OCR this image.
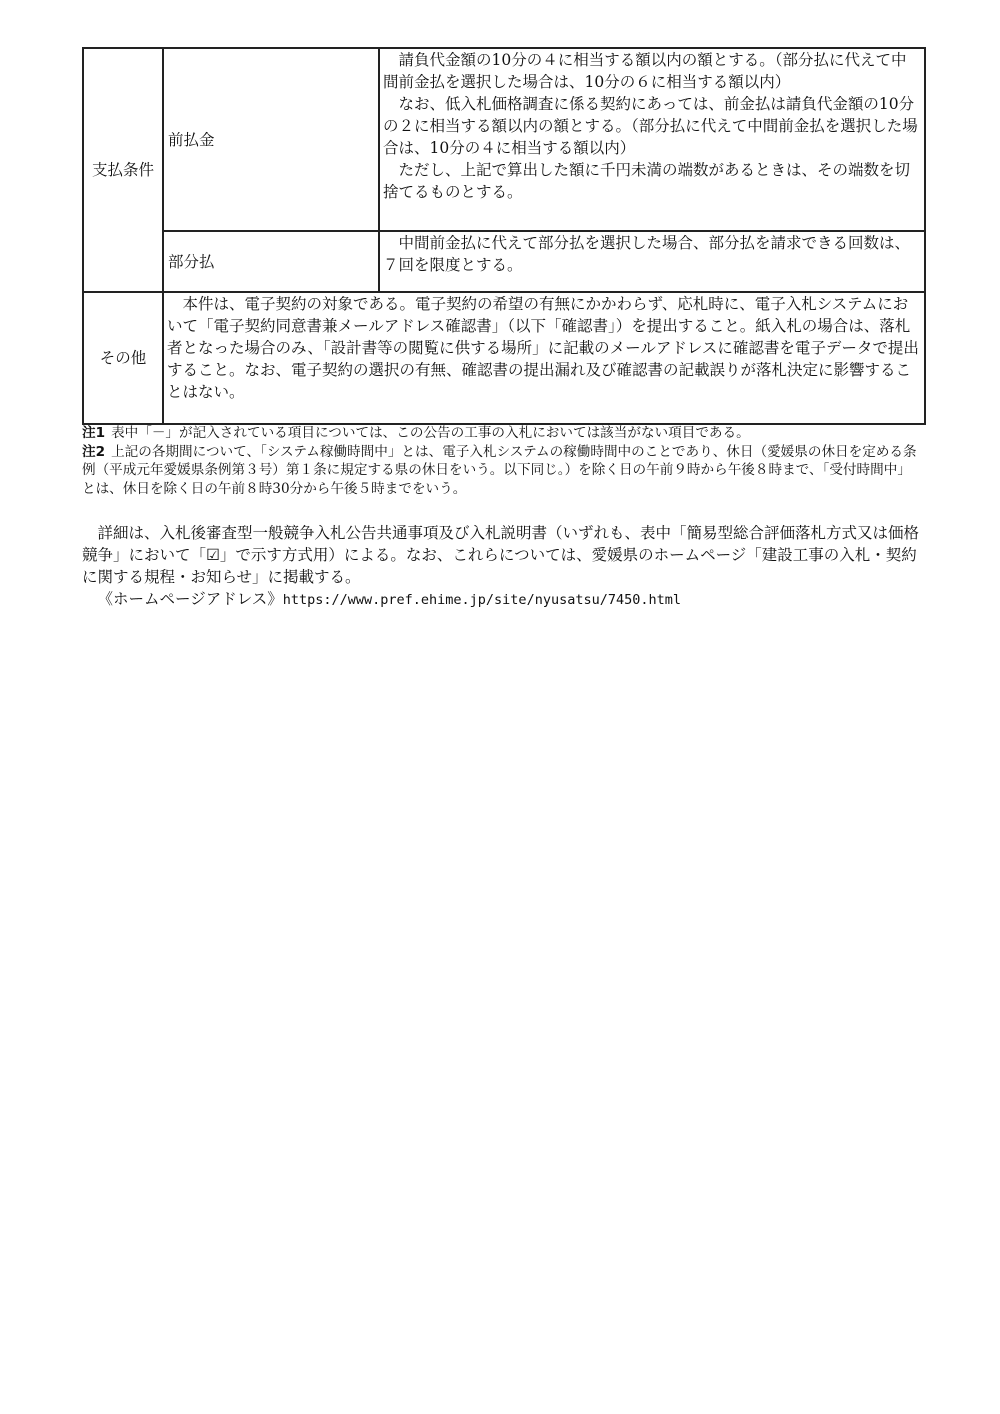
支払条件	前払金	請負代金額の10分の４に相当する額以内の額とする。（部分払に代えて中間前金払を選択した場合は、10分の６に相当する額以内）

なお、低入札価格調査に係る契約にあっては、前金払は請負代金額の10分の２に相当する額以内の額とする。（部分払に代えて中間前金払を選択した場合は、10分の４に相当する額以内）

ただし、上記で算出した額に千円未満の端数があるときは、その端数を切捨てるものとする。

	部分払	中間前金払に代えて部分払を選択した場合、部分払を請求できる回数は、７回を限度とする。

その他	本件は、電子契約の対象である。電子契約の希望の有無にかかわらず、応札時に、電子入札システムにおいて「電子契約同意書兼メールアドレス確認書」（以下「確認書」）を提出すること。紙入札の場合は、落札者となった場合のみ、「設計書等の閲覧に供する場所」に記載のメールアドレスに確認書を電子データで提出すること。なお、電子契約の選択の有無、確認書の提出漏れ及び確認書の記載誤りが落札決定に影響することはない。	

注1 表中「－」が記入されている項目については、この公告の工事の入札においては該当がない項目である。

注2 上記の各期間について、「システム稼働時間中」とは、電子入札システムの稼働時間中のことであり、休日（愛媛県の休日を定める条例（平成元年愛媛県条例第３号）第１条に規定する県の休日をいう。以下同じ。）を除く日の午前９時から午後８時まで、「受付時間中」とは、休日を除く日の午前８時30分から午後５時までをいう。

詳細は、入札後審査型一般競争入札公告共通事項及び入札説明書（いずれも、表中「簡易型総合評価落札方式又は価格競争」において「☑」で示す方式用）による。なお、これらについては、愛媛県のホームページ「建設工事の入札・契約に関する規程・お知らせ」に掲載する。

《ホームページアドレス》https://www.pref.ehime.jp/site/nyusatsu/7450.html
